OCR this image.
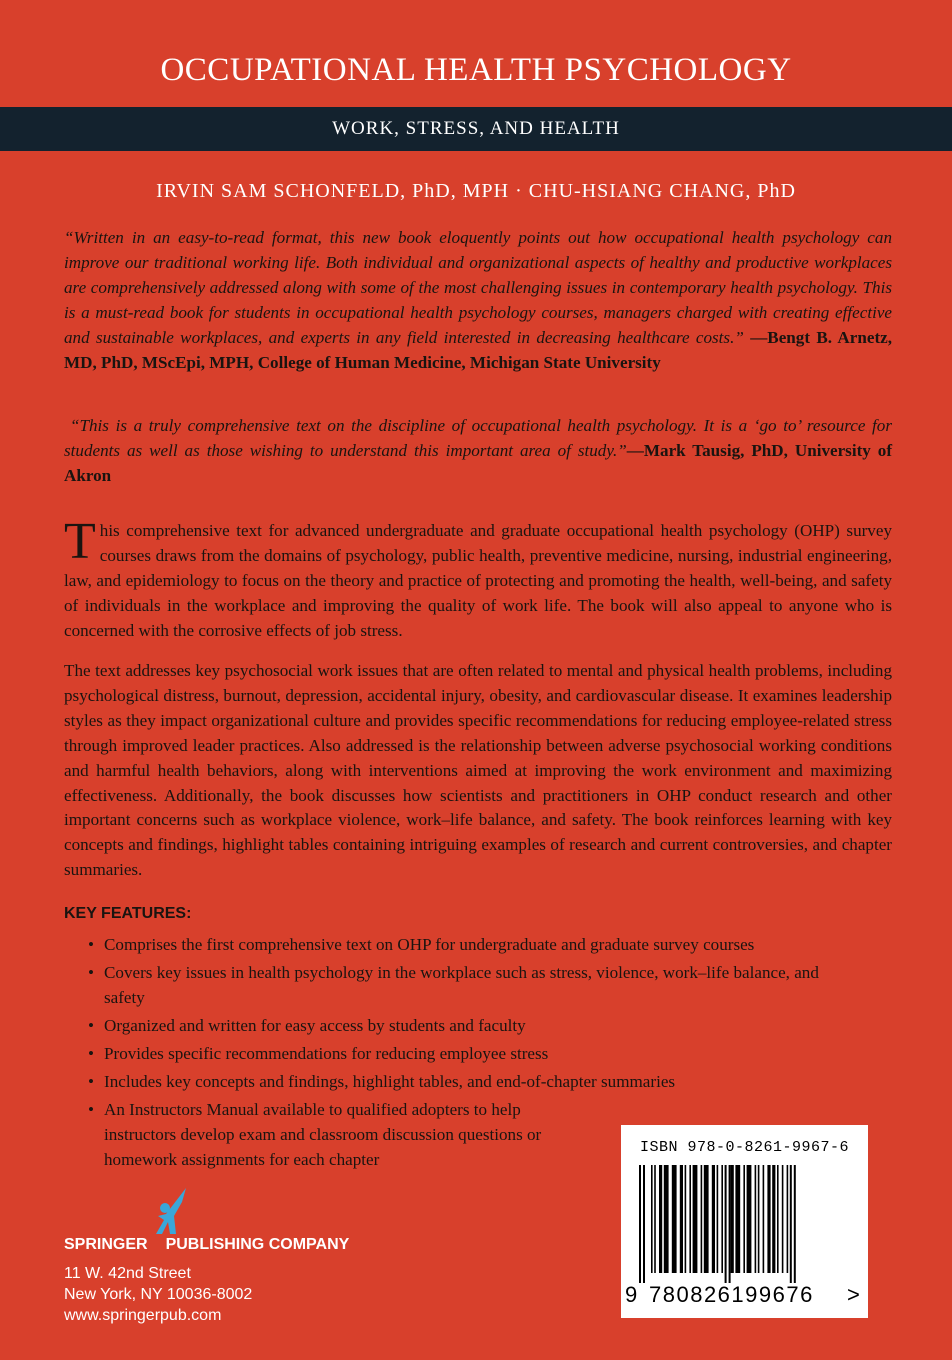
OCCUPATIONAL HEALTH PSYCHOLOGY
WORK, STRESS, AND HEALTH
IRVIN SAM SCHONFELD, PhD, MPH · CHU-HSIANG CHANG, PhD
“Written in an easy-to-read format, this new book eloquently points out how occupational health psychology can improve our traditional working life. Both individual and organizational aspects of healthy and productive workplaces are comprehensively addressed along with some of the most challenging issues in contemporary health psychology. This is a must-read book for students in occupational health psychology courses, managers charged with creating effective and sustainable workplaces, and experts in any field interested in decreasing healthcare costs.” —Bengt B. Arnetz, MD, PhD, MScEpi, MPH, College of Human Medicine, Michigan State University
“This is a truly comprehensive text on the discipline of occupational health psychology. It is a ‘go to’ resource for students as well as those wishing to understand this important area of study.”—Mark Tausig, PhD, University of Akron
This comprehensive text for advanced undergraduate and graduate occupational health psychology (OHP) survey courses draws from the domains of psychology, public health, preventive medicine, nursing, industrial engineering, law, and epidemiology to focus on the theory and practice of protecting and promoting the health, well-being, and safety of individuals in the workplace and improving the quality of work life. The book will also appeal to anyone who is concerned with the corrosive effects of job stress.
The text addresses key psychosocial work issues that are often related to mental and physical health problems, including psychological distress, burnout, depression, accidental injury, obesity, and cardiovascular disease. It examines leadership styles as they impact organizational culture and provides specific recommendations for reducing employee-related stress through improved leader practices. Also addressed is the relationship between adverse psychosocial working conditions and harmful health behaviors, along with interventions aimed at improving the work environment and maximizing effectiveness. Additionally, the book discusses how scientists and practitioners in OHP conduct research and other important concerns such as workplace violence, work–life balance, and safety. The book reinforces learning with key concepts and findings, highlight tables containing intriguing examples of research and current controversies, and chapter summaries.
KEY FEATURES:
• Comprises the first comprehensive text on OHP for undergraduate and graduate survey courses
• Covers key issues in health psychology in the workplace such as stress, violence, work–life balance, and safety
• Organized and written for easy access by students and faculty
• Provides specific recommendations for reducing employee stress
• Includes key concepts and findings, highlight tables, and end-of-chapter summaries
• An Instructors Manual available to qualified adopters to help instructors develop exam and classroom discussion questions or homework assignments for each chapter
ISBN 978-0-8261-9967-6
9 780826199676 >
SPRINGER PUBLISHING COMPANY
11 W. 42nd Street
New York, NY 10036-8002
www.springerpub.com
